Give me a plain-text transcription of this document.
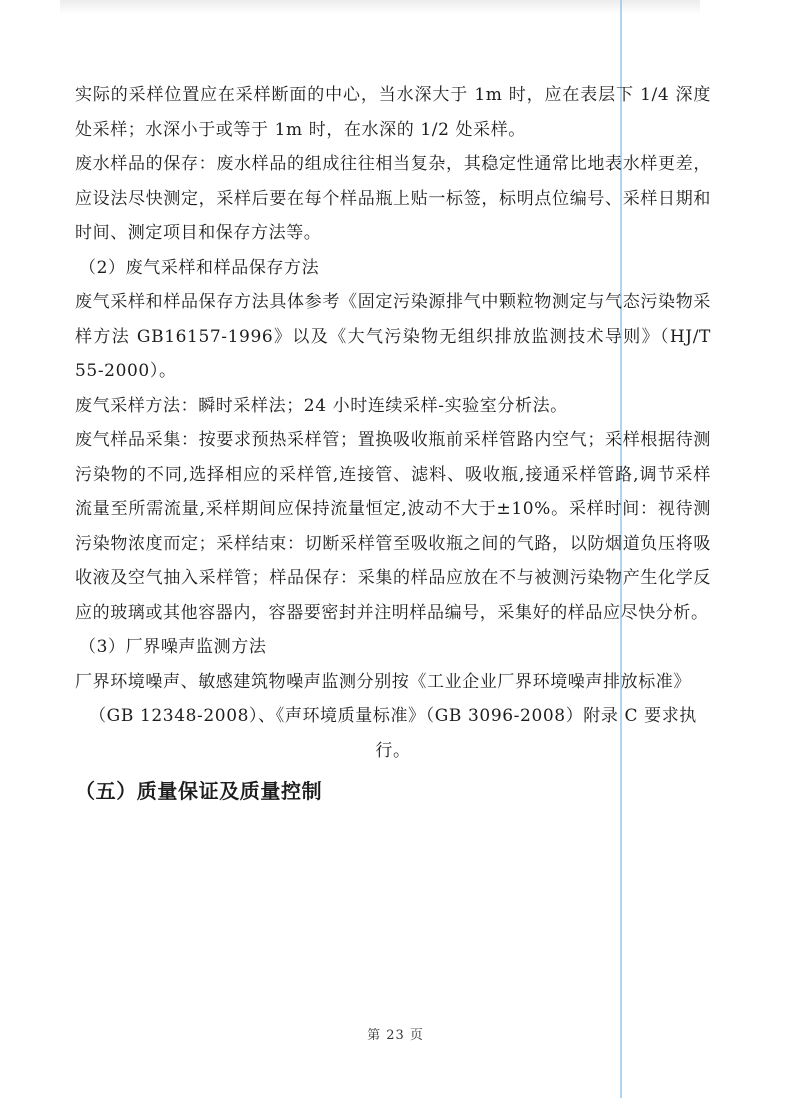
实际的采样位置应在采样断面的中心，当水深大于 1m 时，应在表层下 1/4 深度处采样；水深小于或等于 1m 时，在水深的 1/2 处采样。

废水样品的保存：废水样品的组成往往相当复杂，其稳定性通常比地表水样更差，应设法尽快测定，采样后要在每个样品瓶上贴一标签，标明点位编号、采样日期和时间、测定项目和保存方法等。

（2）废气采样和样品保存方法

废气采样和样品保存方法具体参考《固定污染源排气中颗粒物测定与气态污染物采样方法 GB16157-1996》以及《大气污染物无组织排放监测技术导则》（HJ/T 55-2000）。

废气采样方法：瞬时采样法；24 小时连续采样-实验室分析法。

废气样品采集：按要求预热采样管；置换吸收瓶前采样管路内空气；采样根据待测污染物的不同,选择相应的采样管,连接管、滤料、吸收瓶,接通采样管路,调节采样流量至所需流量,采样期间应保持流量恒定,波动不大于±10%。采样时间：视待测污染物浓度而定；采样结束：切断采样管至吸收瓶之间的气路，以防烟道负压将吸收液及空气抽入采样管；样品保存：采集的样品应放在不与被测污染物产生化学反应的玻璃或其他容器内，容器要密封并注明样品编号，采集好的样品应尽快分析。

（3）厂界噪声监测方法

厂界环境噪声、敏感建筑物噪声监测分别按《工业企业厂界环境噪声排放标准》

（GB 12348-2008）、《声环境质量标准》（GB 3096-2008）附录 C 要求执行。

（五）质量保证及质量控制

第 23 页
